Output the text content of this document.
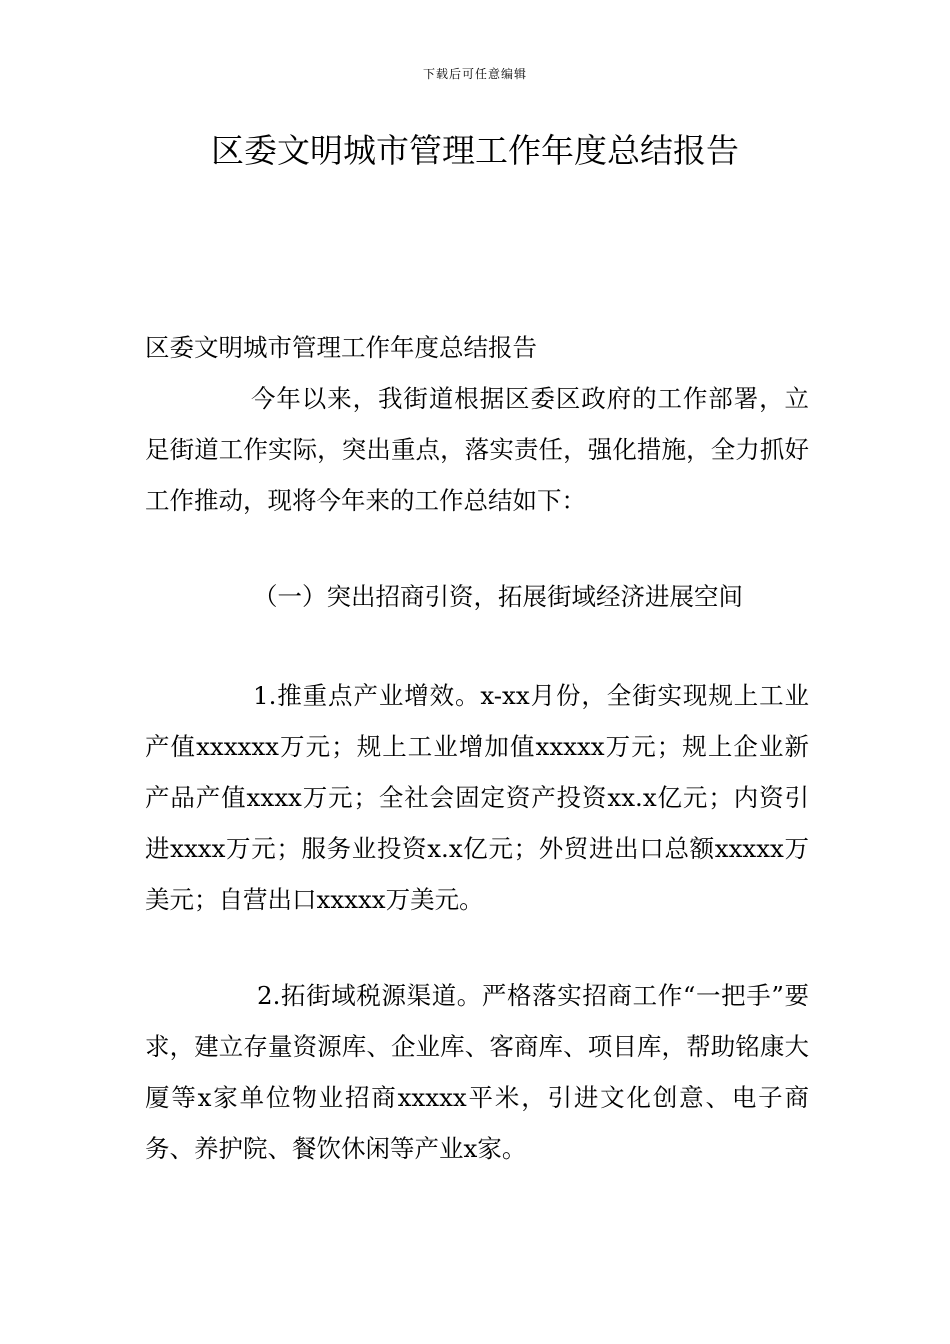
下载后可任意编辑
区委文明城市管理工作年度总结报告

区委文明城市管理工作年度总结报告

今年以来，我街道根据区委区政府的工作部署，立足街道工作实际，突出重点，落实责任，强化措施，全力抓好工作推动，现将今年来的工作总结如下：

（一）突出招商引资，拓展街域经济进展空间

1.推重点产业增效。x-xx月份，全街实现规上工业产值xxxxxx万元；规上工业增加值xxxxx万元；规上企业新产品产值xxxx万元；全社会固定资产投资xx.x亿元；内资引进xxxx万元；服务业投资x.x亿元；外贸进出口总额xxxxx万美元；自营出口xxxxx万美元。

2.拓街域税源渠道。严格落实招商工作“一把手”要求，建立存量资源库、企业库、客商库、项目库，帮助铭康大厦等x家单位物业招商xxxxx平米，引进文化创意、电子商务、养护院、餐饮休闲等产业x家。
